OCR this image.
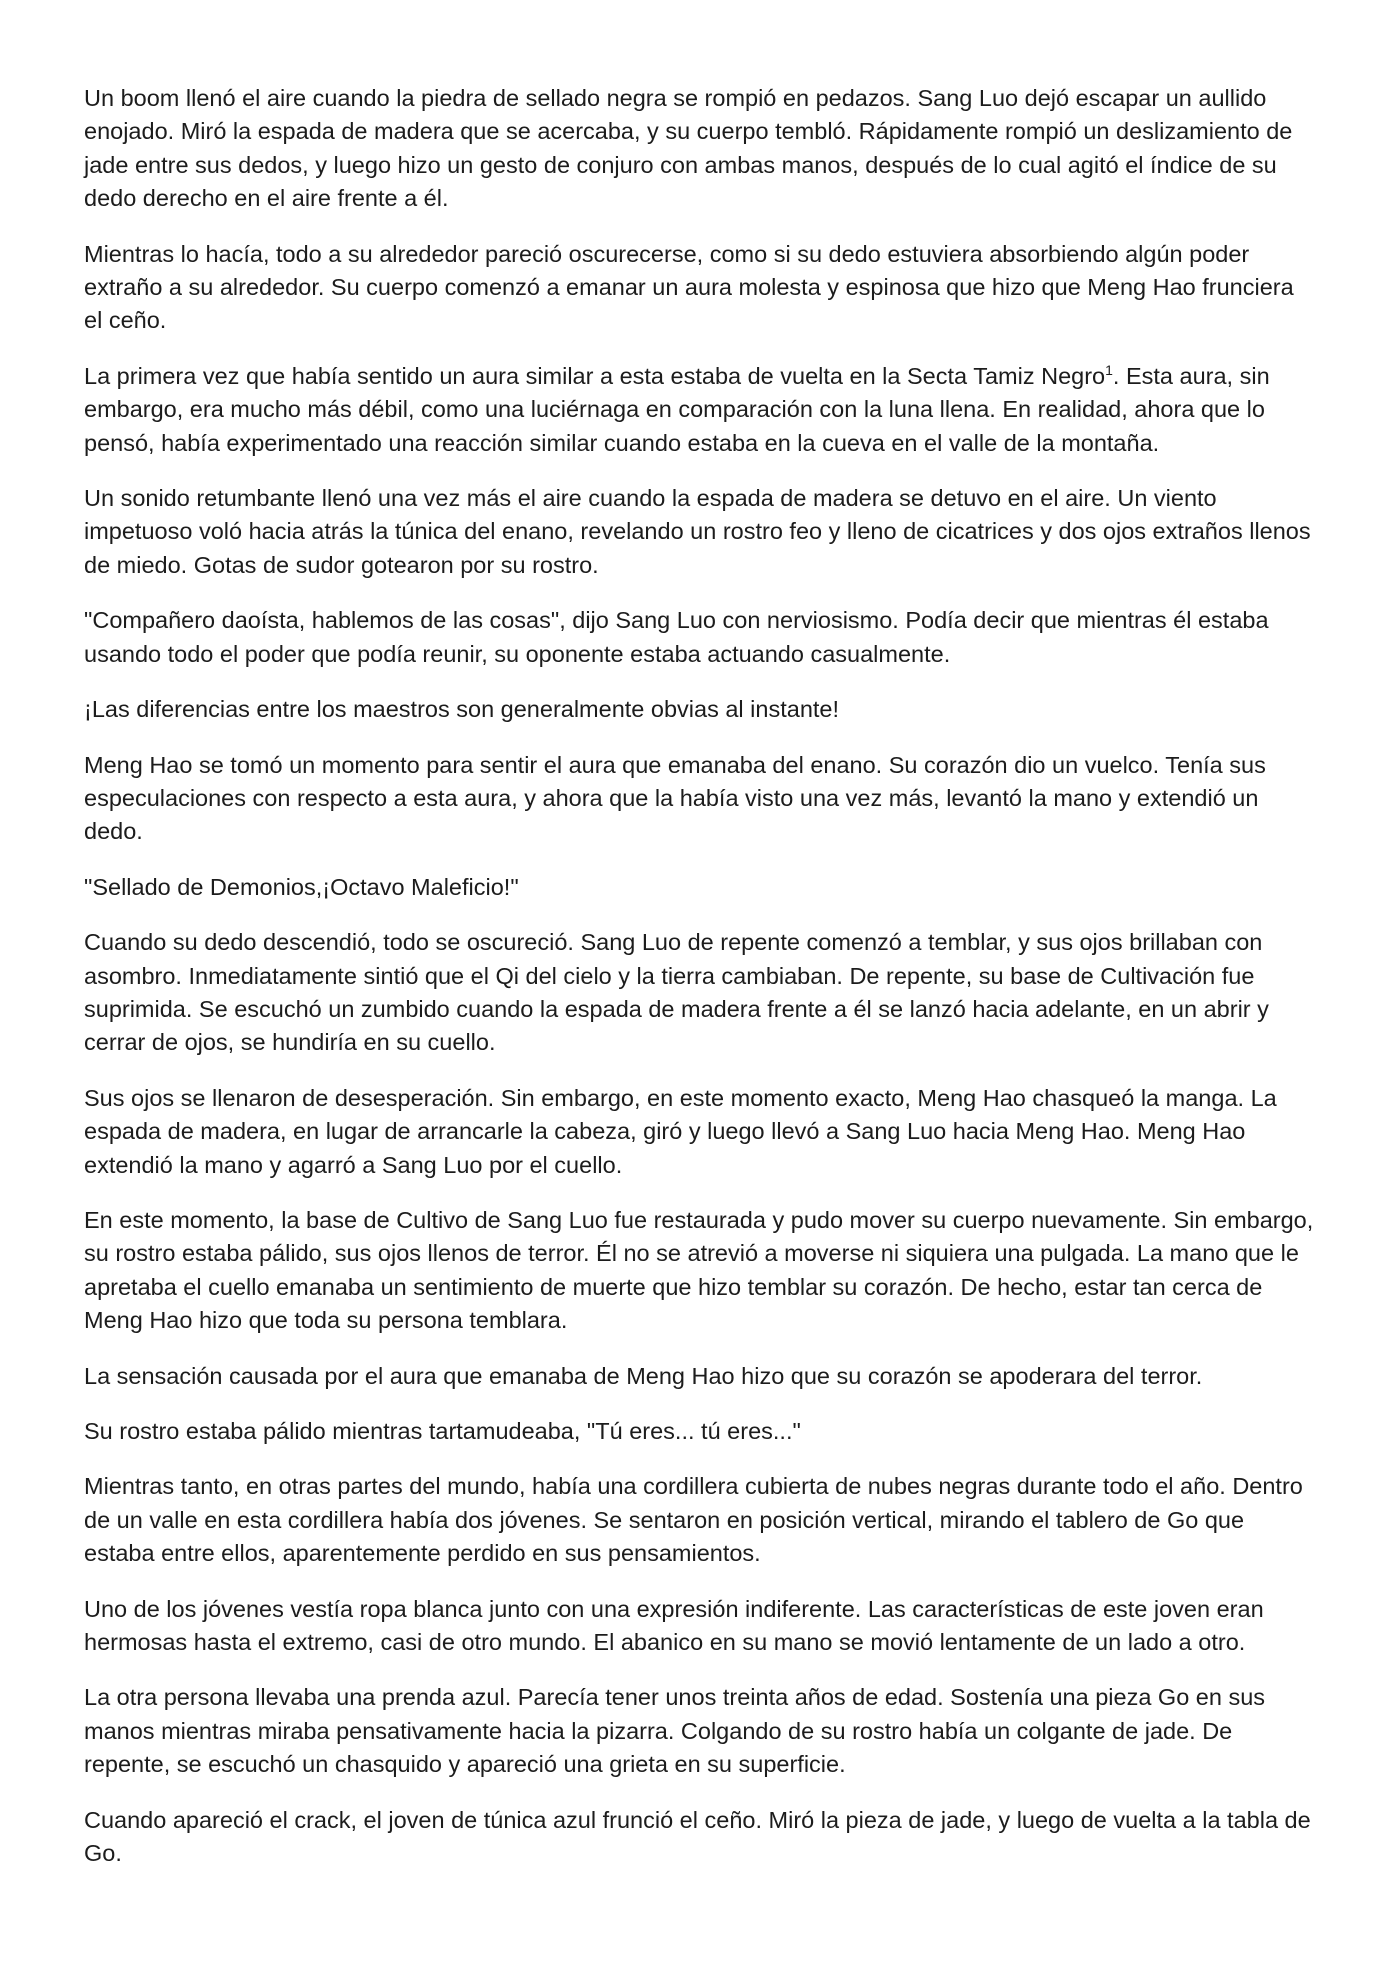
Un boom llenó el aire cuando la piedra de sellado negra se rompió en pedazos. Sang Luo dejó escapar un aullido enojado. Miró la espada de madera que se acercaba, y su cuerpo tembló. Rápidamente rompió un deslizamiento de jade entre sus dedos, y luego hizo un gesto de conjuro con ambas manos, después de lo cual agitó el índice de su dedo derecho en el aire frente a él.

Mientras lo hacía, todo a su alrededor pareció oscurecerse, como si su dedo estuviera absorbiendo algún poder extraño a su alrededor. Su cuerpo comenzó a emanar un aura molesta y espinosa que hizo que Meng Hao frunciera el ceño.

La primera vez que había sentido un aura similar a esta estaba de vuelta en la Secta Tamiz Negro$^1$. Esta aura, sin embargo, era mucho más débil, como una luciérnaga en comparación con la luna llena. En realidad, ahora que lo pensó, había experimentado una reacción similar cuando estaba en la cueva en el valle de la montaña.

Un sonido retumbante llenó una vez más el aire cuando la espada de madera se detuvo en el aire. Un viento impetuoso voló hacia atrás la túnica del enano, revelando un rostro feo y lleno de cicatrices y dos ojos extraños llenos de miedo. Gotas de sudor gotearon por su rostro.

"Compañero daoísta, hablemos de las cosas", dijo Sang Luo con nerviosismo. Podía decir que mientras él estaba usando todo el poder que podía reunir, su oponente estaba actuando casualmente.

¡Las diferencias entre los maestros son generalmente obvias al instante!

Meng Hao se tomó un momento para sentir el aura que emanaba del enano. Su corazón dio un vuelco. Tenía sus especulaciones con respecto a esta aura, y ahora que la había visto una vez más, levantó la mano y extendió un dedo.

"Sellado de Demonios,¡Octavo Maleficio!"

Cuando su dedo descendió, todo se oscureció. Sang Luo de repente comenzó a temblar, y sus ojos brillaban con asombro. Inmediatamente sintió que el Qi del cielo y la tierra cambiaban. De repente, su base de Cultivación fue suprimida. Se escuchó un zumbido cuando la espada de madera frente a él se lanzó hacia adelante, en un abrir y cerrar de ojos, se hundiría en su cuello.

Sus ojos se llenaron de desesperación. Sin embargo, en este momento exacto, Meng Hao chasqueó la manga. La espada de madera, en lugar de arrancarle la cabeza, giró y luego llevó a Sang Luo hacia Meng Hao. Meng Hao extendió la mano y agarró a Sang Luo por el cuello.

En este momento, la base de Cultivo de Sang Luo fue restaurada y pudo mover su cuerpo nuevamente. Sin embargo, su rostro estaba pálido, sus ojos llenos de terror. Él no se atrevió a moverse ni siquiera una pulgada. La mano que le apretaba el cuello emanaba un sentimiento de muerte que hizo temblar su corazón. De hecho, estar tan cerca de Meng Hao hizo que toda su persona temblara.

La sensación causada por el aura que emanaba de Meng Hao hizo que su corazón se apoderara del terror.

Su rostro estaba pálido mientras tartamudeaba, "Tú eres... tú eres..."

Mientras tanto, en otras partes del mundo, había una cordillera cubierta de nubes negras durante todo el año. Dentro de un valle en esta cordillera había dos jóvenes. Se sentaron en posición vertical, mirando el tablero de Go que estaba entre ellos, aparentemente perdido en sus pensamientos.

Uno de los jóvenes vestía ropa blanca junto con una expresión indiferente. Las características de este joven eran hermosas hasta el extremo, casi de otro mundo. El abanico en su mano se movió lentamente de un lado a otro.

La otra persona llevaba una prenda azul. Parecía tener unos treinta años de edad. Sostenía una pieza Go en sus manos mientras miraba pensativamente hacia la pizarra. Colgando de su rostro había un colgante de jade. De repente, se escuchó un chasquido y apareció una grieta en su superficie.

Cuando apareció el crack, el joven de túnica azul frunció el ceño. Miró la pieza de jade, y luego de vuelta a la tabla de Go.
